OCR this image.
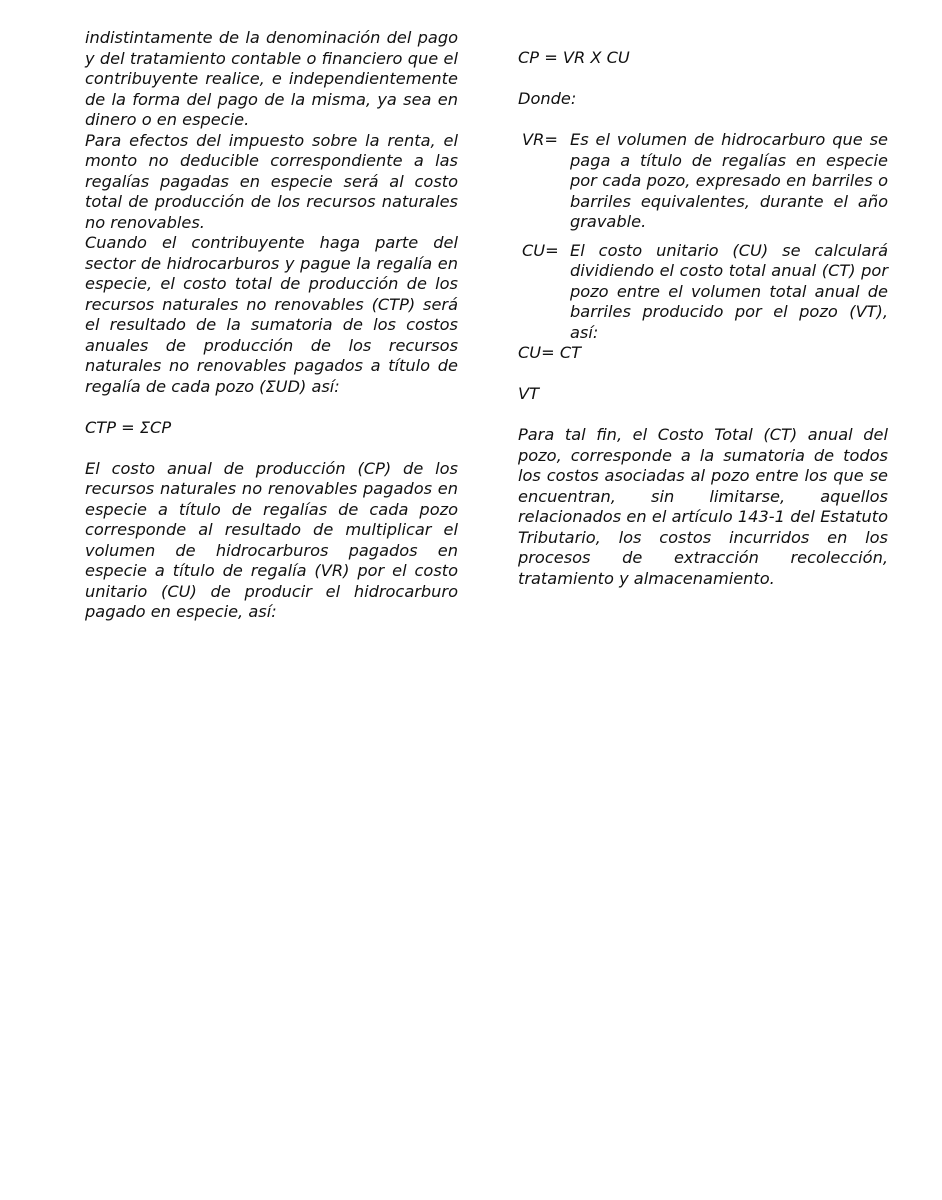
indistintamente de la denominación del pago y del tratamiento contable o financiero que el contribuyente realice, e independientemente de la forma del pago de la misma, ya sea en dinero o en especie.

Para efectos del impuesto sobre la renta, el monto no deducible correspondiente a las regalías pagadas en especie será al costo total de producción de los recursos naturales no renovables.

Cuando el contribuyente haga parte del sector de hidrocarburos y pague la regalía en especie, el costo total de producción de los recursos naturales no renovables (CTP) será el resultado de la sumatoria de los costos anuales de producción de los recursos naturales no renovables pagados a título de regalía de cada pozo (ΣUD) así:

CTP = ΣCP

El costo anual de producción (CP) de los recursos naturales no renovables pagados en especie a título de regalías de cada pozo corresponde al resultado de multiplicar el volumen de hidrocarburos pagados en especie a título de regalía (VR) por el costo unitario (CU) de producir el hidrocarburo pagado en especie, así:

CP = VR X CU

Donde:

VR= Es el volumen de hidrocarburo que se paga a título de regalías en especie por cada pozo, expresado en barriles o barriles equivalentes, durante el año gravable.
CU= El costo unitario (CU) se calculará dividiendo el costo total anual (CT) por pozo entre el volumen total anual de barriles producido por el pozo (VT), así:

CU= CT

VT

Para tal fin, el Costo Total (CT) anual del pozo, corresponde a la sumatoria de todos los costos asociadas al pozo entre los que se encuentran, sin limitarse, aquellos relacionados en el artículo 143-1 del Estatuto Tributario, los costos incurridos en los procesos de extracción recolección, tratamiento y almacenamiento.
